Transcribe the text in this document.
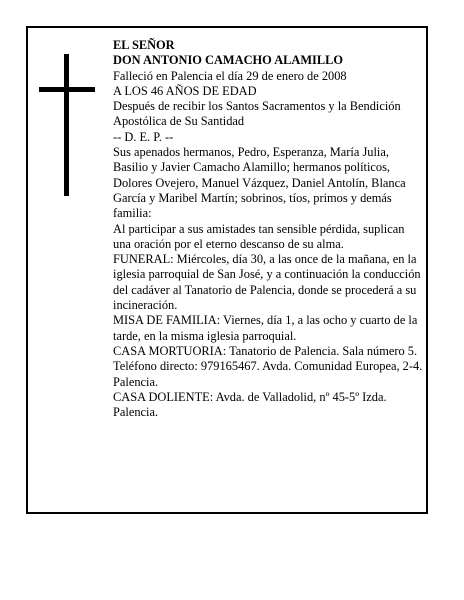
EL SEÑOR

DON ANTONIO CAMACHO ALAMILLO

Falleció en Palencia el día 29 de enero de 2008

A LOS 46 AÑOS DE EDAD

Después de recibir los Santos Sacramentos y la Bendición Apostólica de Su Santidad

-- D. E. P. --

Sus apenados hermanos, Pedro, Esperanza, María Julia, Basilio y Javier Camacho Alamillo; hermanos políticos, Dolores Ovejero, Manuel Vázquez, Daniel Antolín, Blanca García y Maribel Martín; sobrinos, tíos, primos y demás familia:

Al participar a sus amistades tan sensible pérdida, suplican una oración por el eterno descanso de su alma.

FUNERAL: Miércoles, día 30, a las once de la mañana, en la iglesia parroquial de San José, y a continuación la conducción del cadáver al Tanatorio de Palencia, donde se procederá a su incineración.

MISA DE FAMILIA: Viernes, día 1, a las ocho y cuarto de la tarde, en la misma iglesia parroquial.

CASA MORTUORIA: Tanatorio de Palencia. Sala número 5. Teléfono directo: 979165467. Avda. Comunidad Europea, 2-4. Palencia.

CASA DOLIENTE: Avda. de Valladolid, nº 45-5º Izda. Palencia.
